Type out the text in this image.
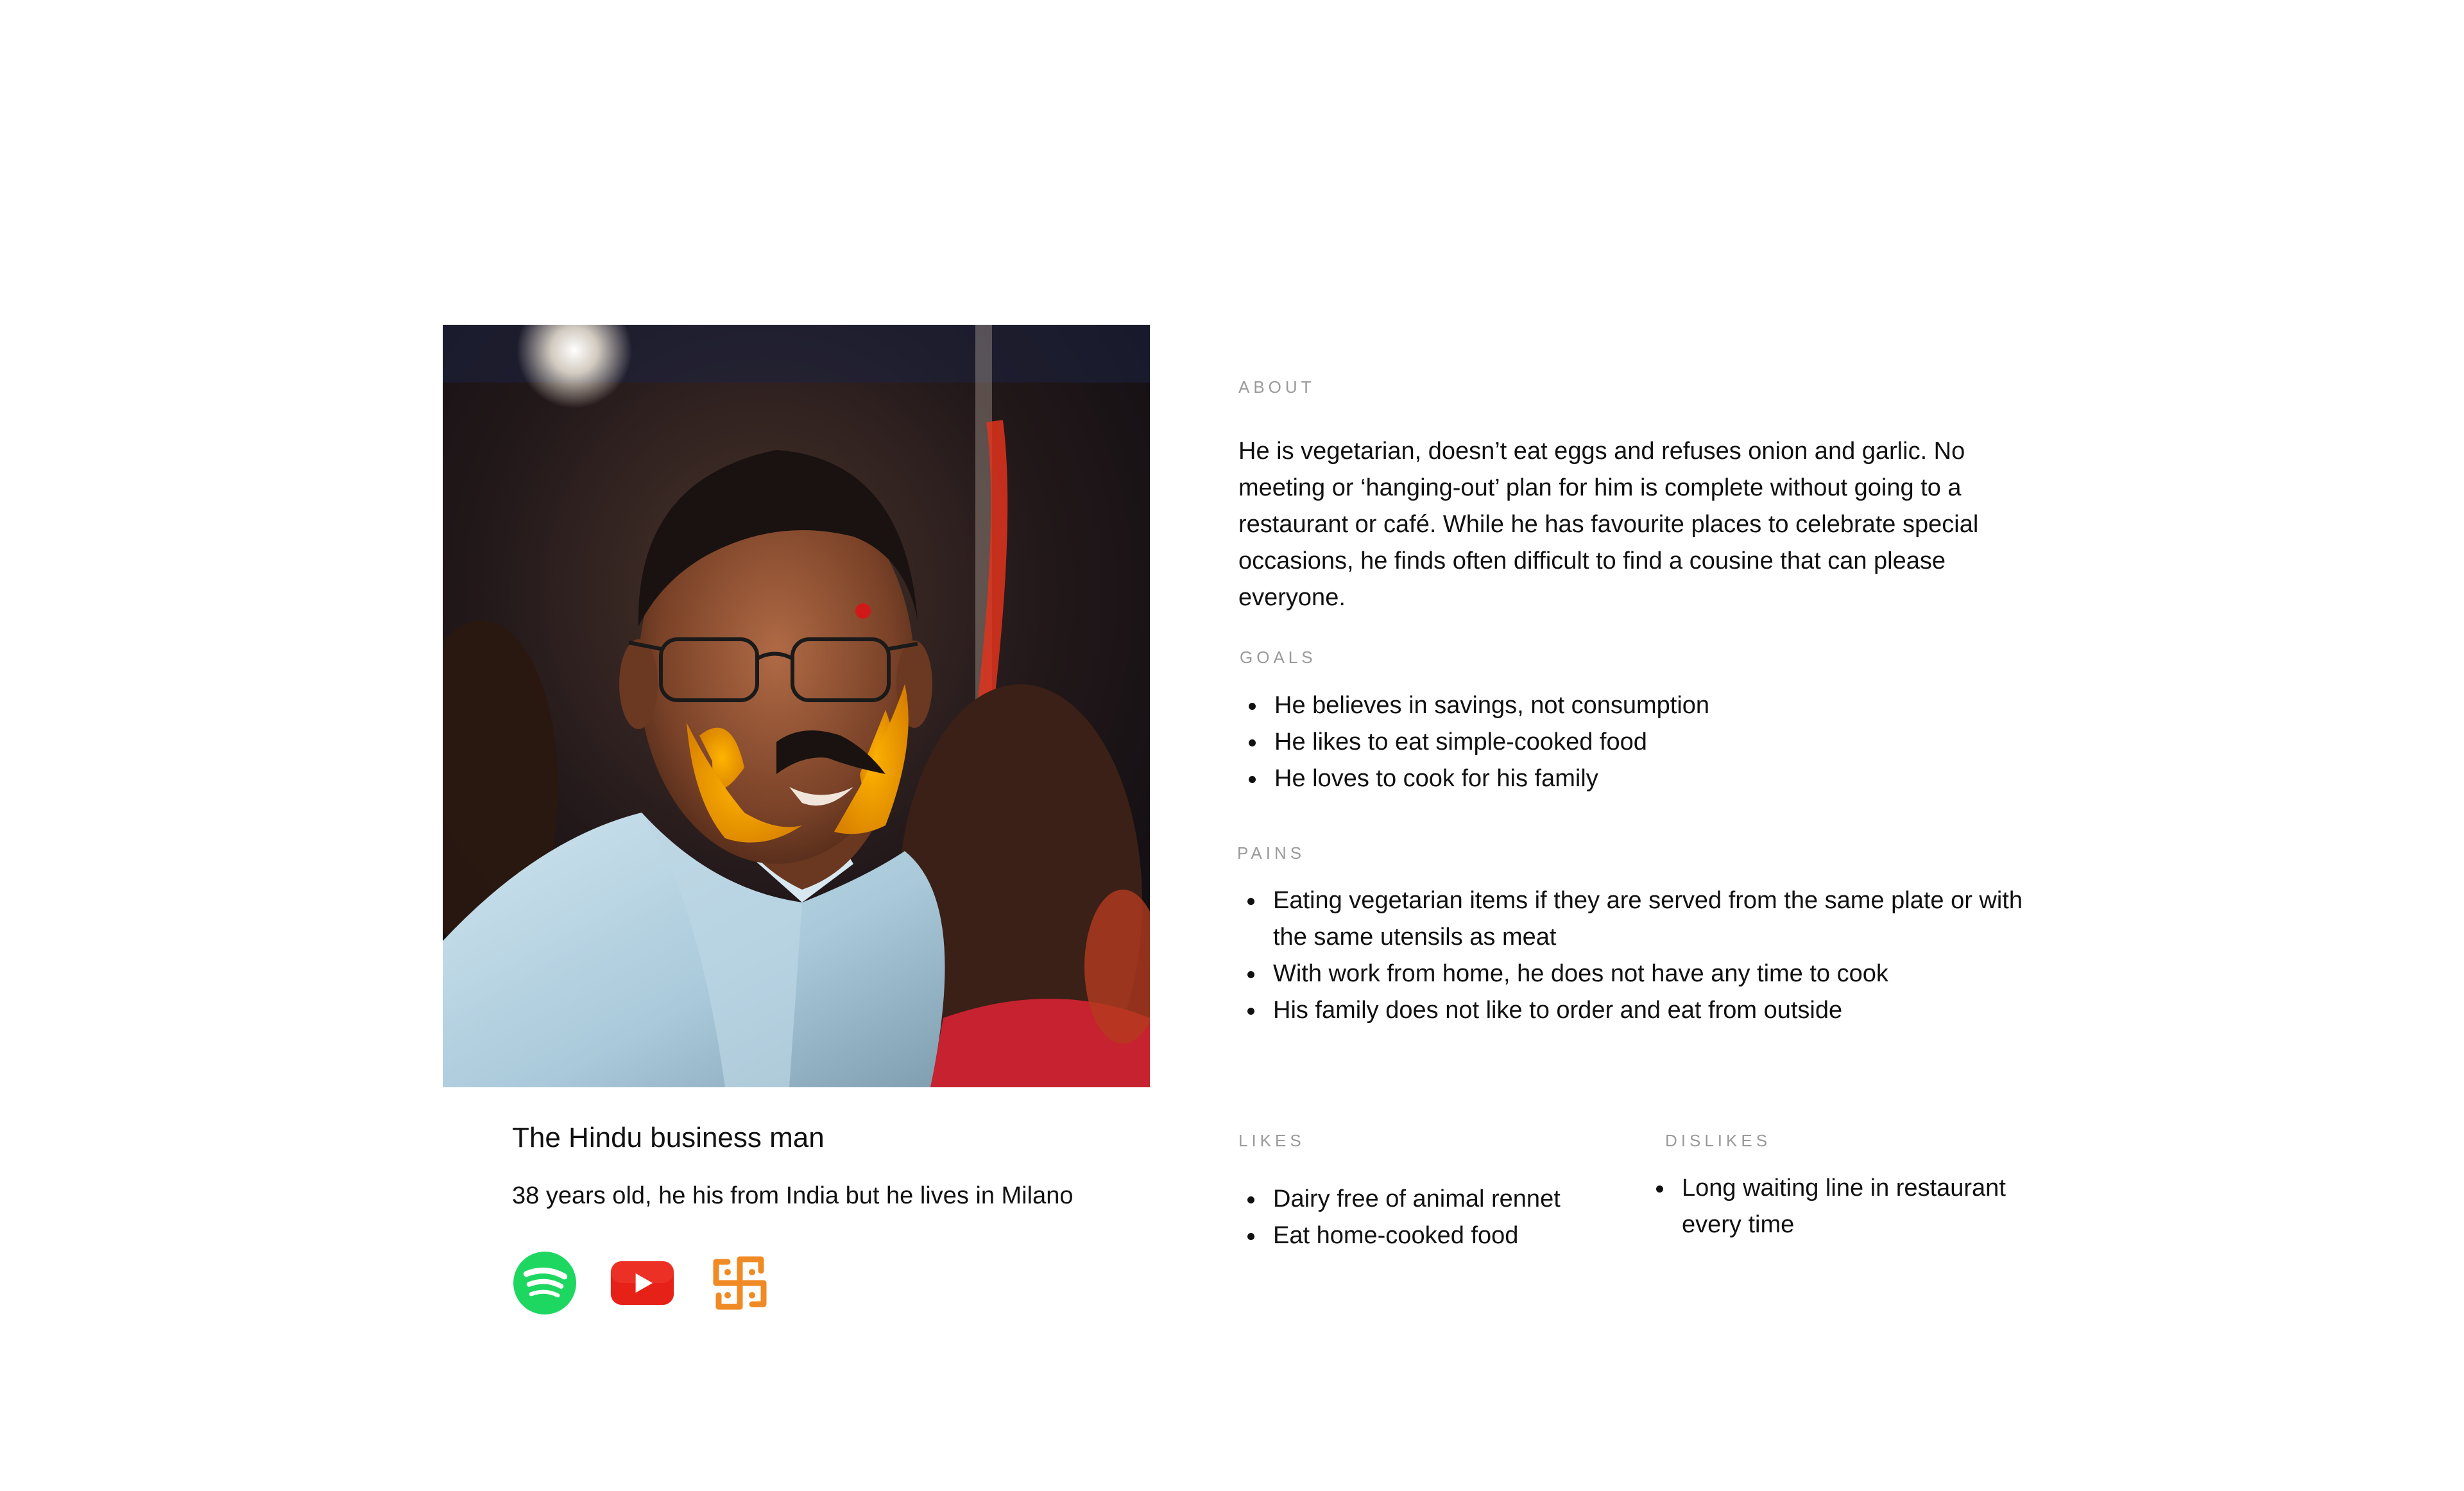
The Hindu business man
38 years old, he his from India but he lives in Milano
ABOUT
He is vegetarian, doesn’t eat eggs and refuses onion and garlic. No meeting or ‘hanging-out’ plan for him is complete without going to a restaurant or café. While he has favourite places to celebrate special occasions, he finds often difficult to find a cousine that can please everyone.
GOALS
He believes in savings, not consumption
He likes to eat simple-cooked food
He loves to cook for his family
PAINS
Eating vegetarian items if they are served from the same plate or with the same utensils as meat
With work from home, he does not have any time to cook
His family does not like to order and eat from outside
LIKES
Dairy free of animal rennet
Eat home-cooked food
DISLIKES
Long waiting line in restaurant every time
